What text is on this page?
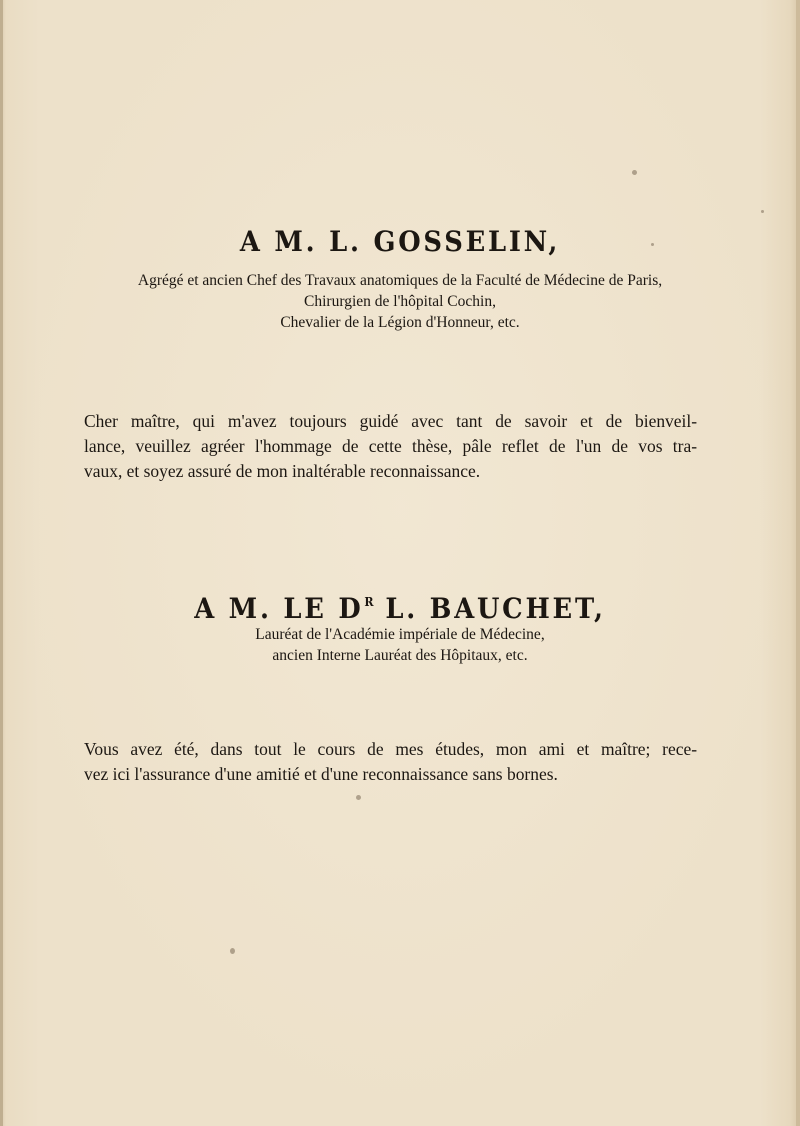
A M. L. GOSSELIN,
Agrégé et ancien Chef des Travaux anatomiques de la Faculté de Médecine de Paris,
Chirurgien de l'hôpital Cochin,
Chevalier de la Légion d'Honneur, etc.
Cher maître, qui m'avez toujours guidé avec tant de savoir et de bienveil-
lance, veuillez agréer l'hommage de cette thèse, pâle reflet de l'un de vos tra-
vaux, et soyez assuré de mon inaltérable reconnaissance.
A M. LE $D^R$ L. BAUCHET,
Lauréat de l'Académie impériale de Médecine,
ancien Interne Lauréat des Hôpitaux, etc.
Vous avez été, dans tout le cours de mes études, mon ami et maître; rece-
vez ici l'assurance d'une amitié et d'une reconnaissance sans bornes.
